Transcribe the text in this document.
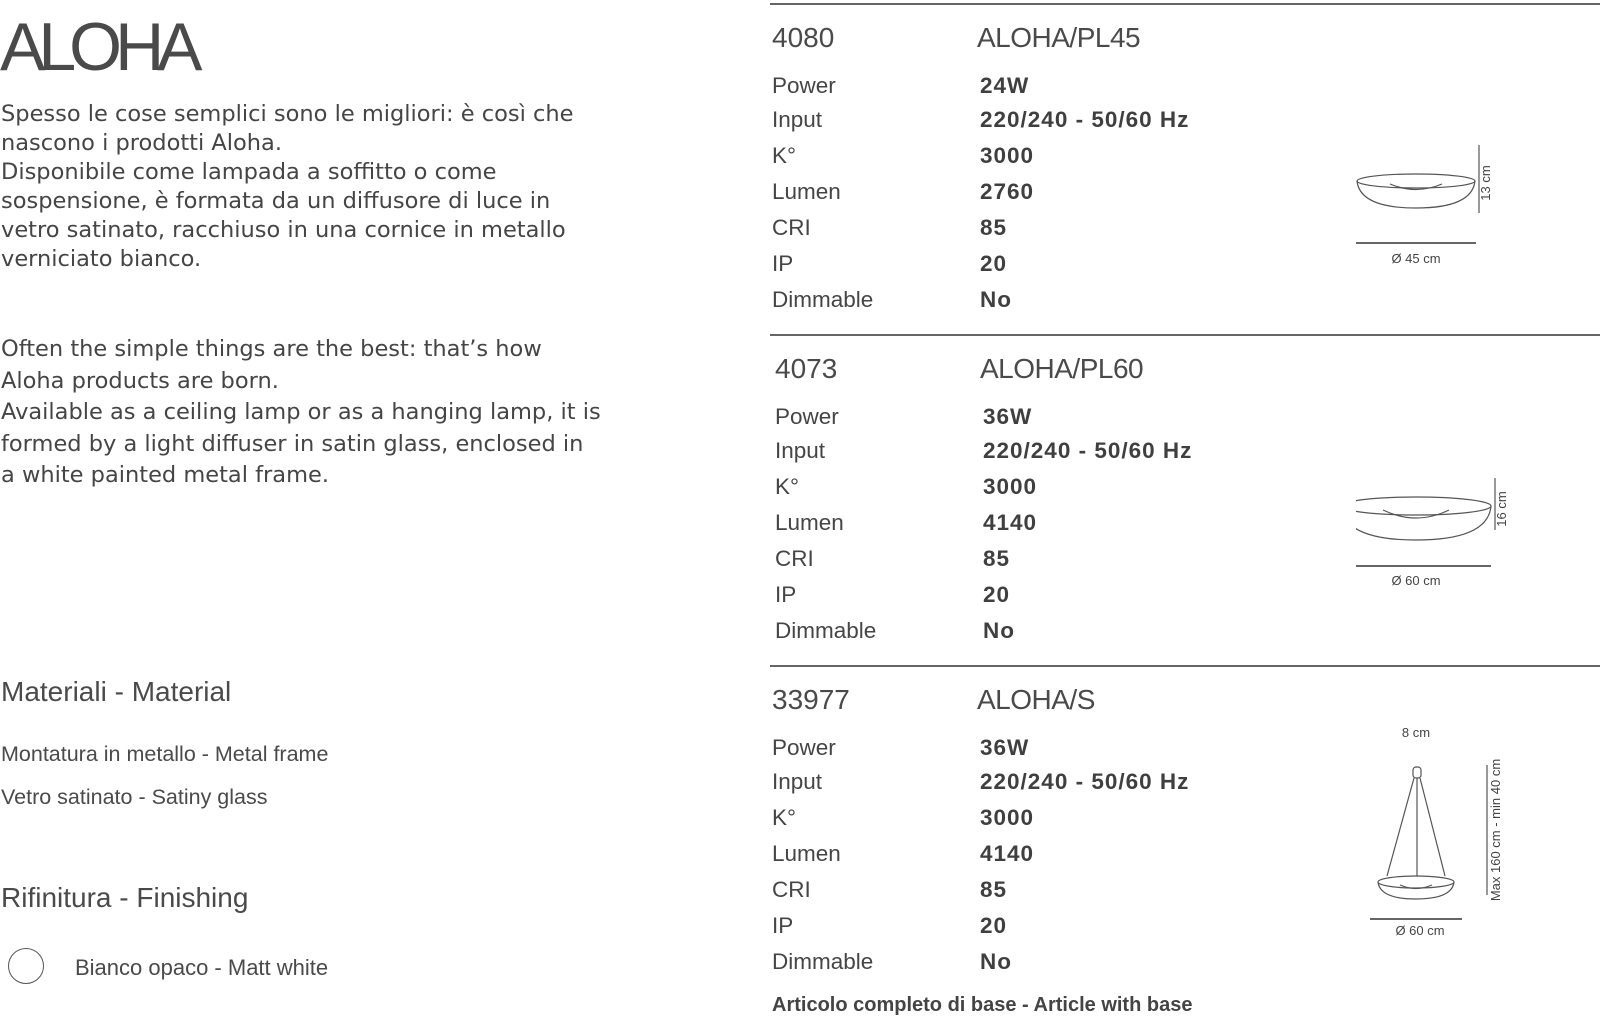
ALOHA

Spesso le cose semplici sono le migliori: è così che

nascono i prodotti Aloha.

Disponibile come lampada a soffitto o come

sospensione, è formata da un diffusore di luce in

vetro satinato, racchiuso in una cornice in metallo

verniciato bianco.

Often the simple things are the best: that’s how

Aloha products are born.

Available as a ceiling lamp or as a hanging lamp, it is

formed by a light diffuser in satin glass, enclosed in

a white painted metal frame.

Materiali - Material
Montatura in metallo - Metal frame
Vetro satinato - Satiny glass
Rifinitura - Finishing
Bianco opaco - Matt white
4080	ALOHA/PL45
Power	24W
Input	220/240 - 50/60 Hz
K°	3000
Lumen	2760
CRI	85
IP	20
Dimmable	No
13 cm
Ø 45 cm
4073	ALOHA/PL60
Power	36W
Input	220/240 - 50/60 Hz
K°	3000
Lumen	4140
CRI	85
IP	20
Dimmable	No
16 cm
Ø 60 cm
33977	ALOHA/S
Power	36W
Input	220/240 - 50/60 Hz
K°	3000
Lumen	4140
CRI	85
IP	20
Dimmable	No
8 cm
Max 160 cm - min 40 cm
Ø 60 cm
Articolo completo di base - Article with base
